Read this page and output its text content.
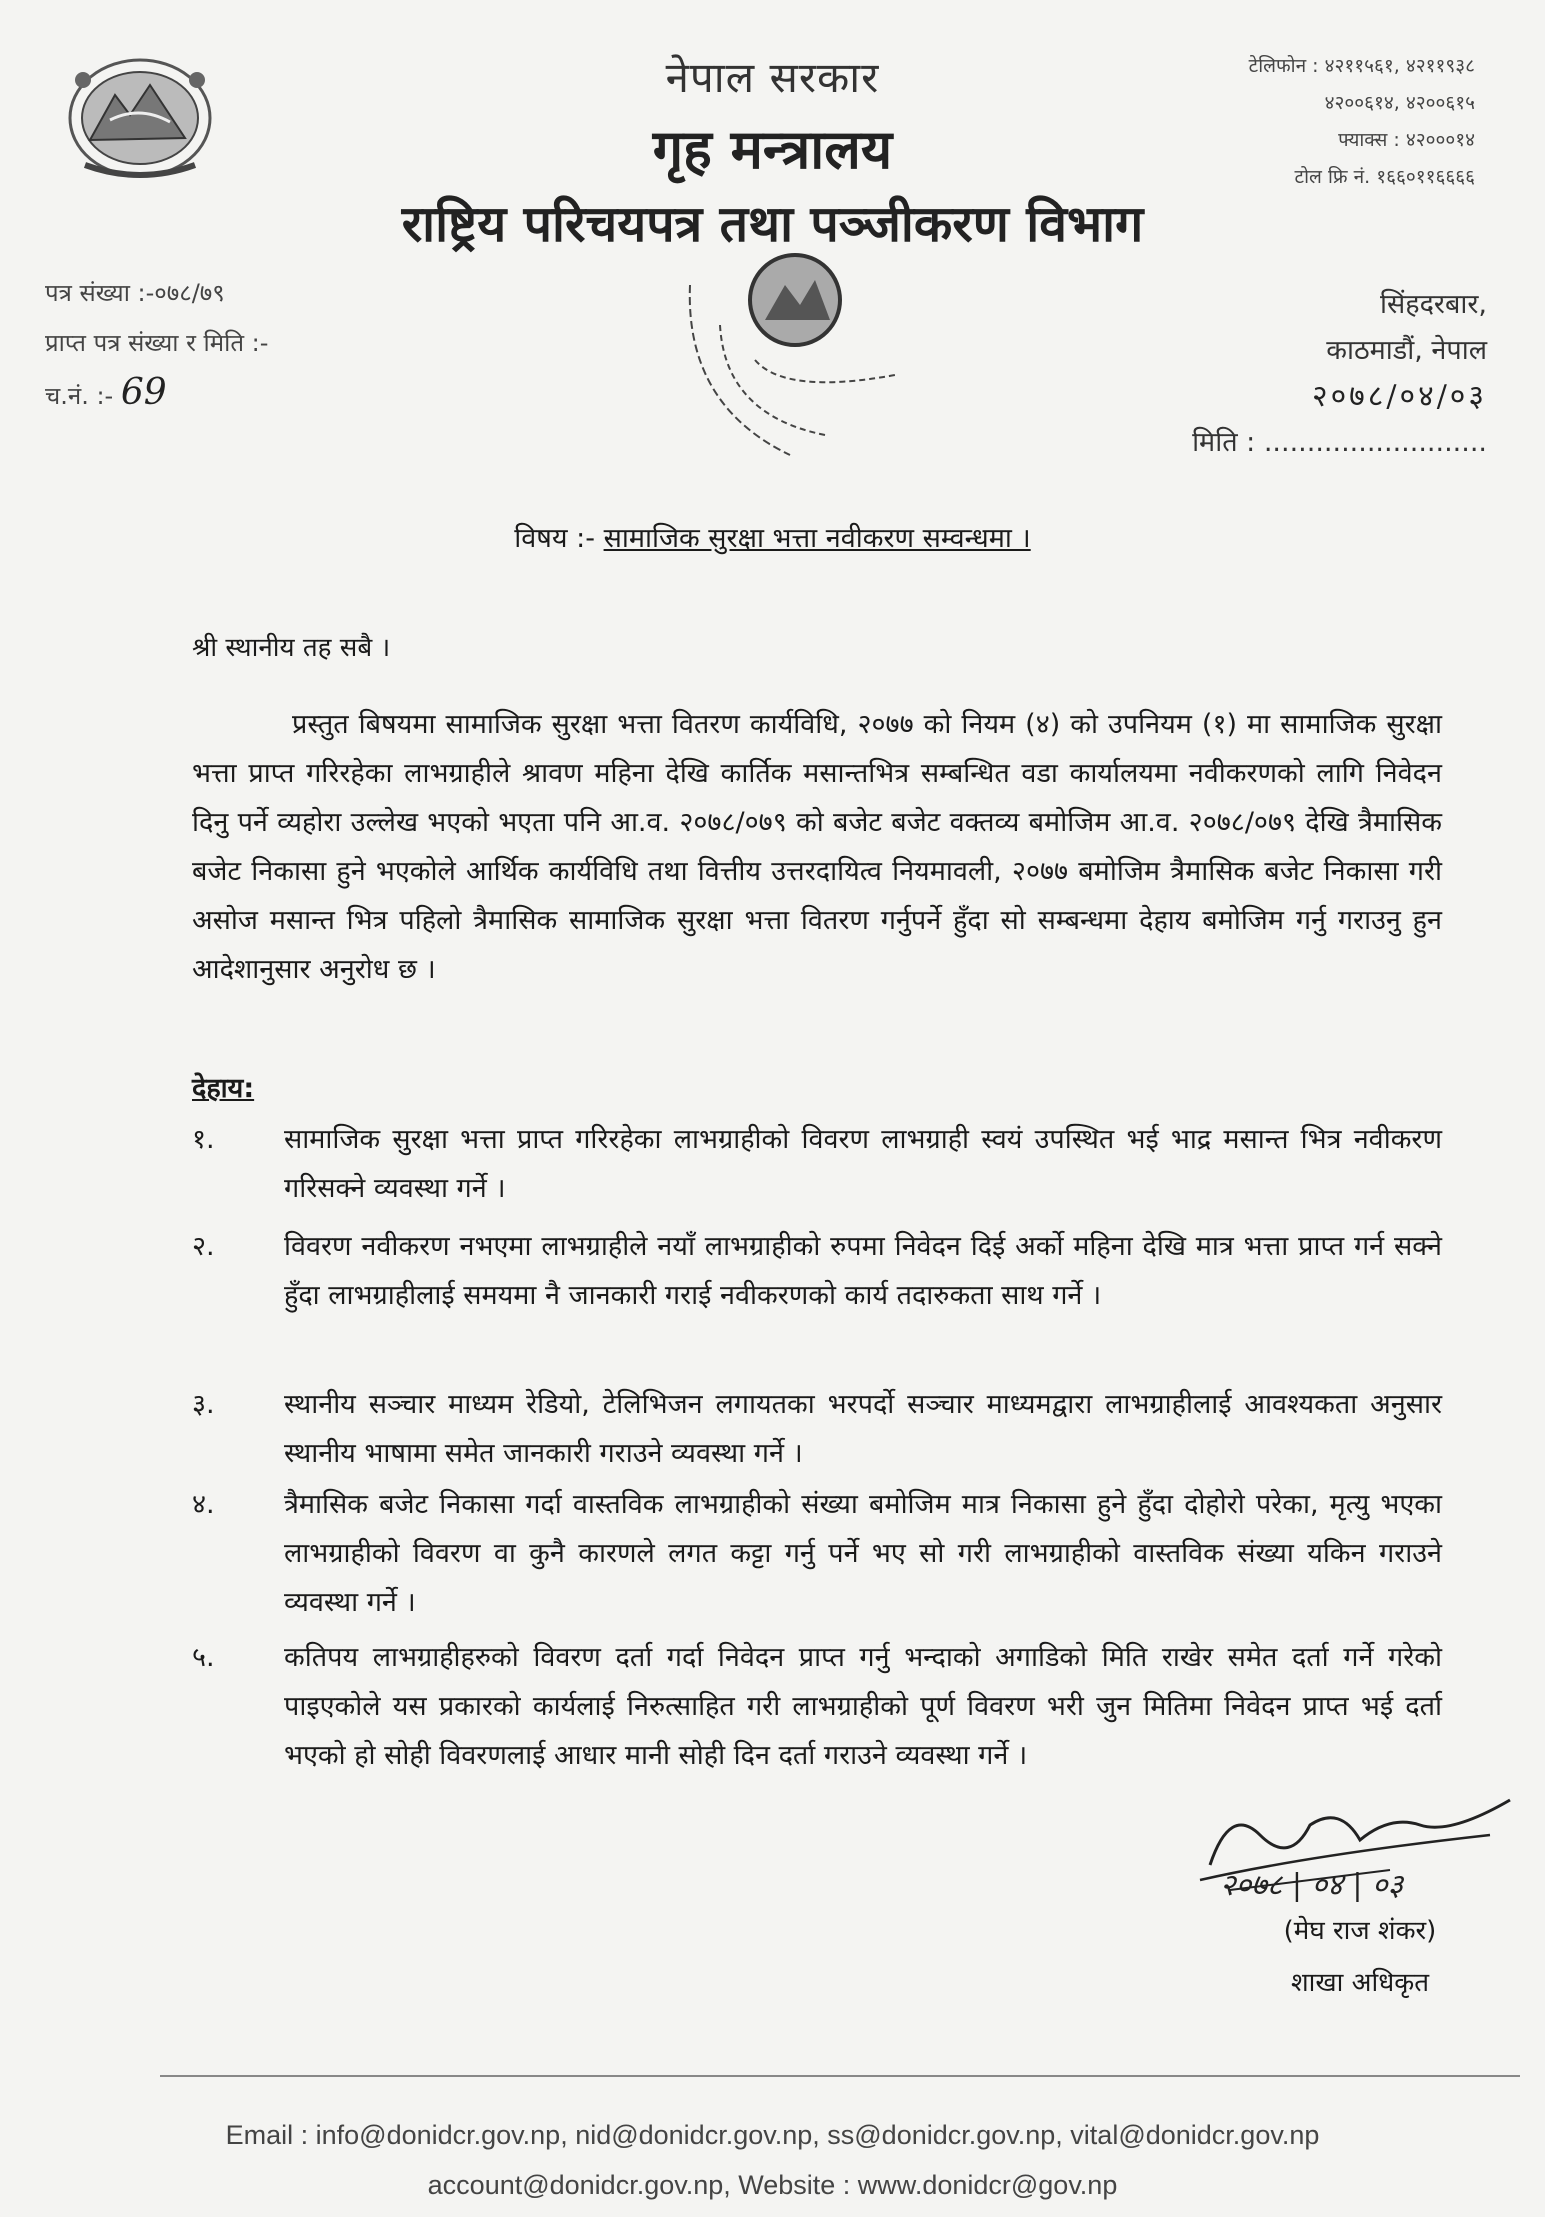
नेपाल सरकार
गृह मन्त्रालय
राष्ट्रिय परिचयपत्र तथा पञ्जीकरण विभाग
टेलिफोन : ४२११५६१, ४२११९३८
४२००६१४, ४२००६१५
फ्याक्स : ४२०००१४
टोल फ्रि नं. १६६०११६६६६
पत्र संख्या :-०७८/७९
प्राप्त पत्र संख्या र मिति :-
च.नं. :- 69
सिंहदरबार,
काठमाडौं, नेपाल
२०७८/०४/०३
मिति : ..........................
विषय :- सामाजिक सुरक्षा भत्ता नवीकरण सम्वन्धमा ।
श्री स्थानीय तह सबै ।
प्रस्तुत बिषयमा सामाजिक सुरक्षा भत्ता वितरण कार्यविधि, २०७७ को नियम (४) को उपनियम (१) मा सामाजिक सुरक्षा भत्ता प्राप्त गरिरहेका लाभग्राहीले श्रावण महिना देखि कार्तिक मसान्तभित्र सम्बन्धित वडा कार्यालयमा नवीकरणको लागि निवेदन दिनु पर्ने व्यहोरा उल्लेख भएको भएता पनि आ.व. २०७८/०७९ को बजेट बजेट वक्तव्य बमोजिम आ.व. २०७८/०७९ देखि त्रैमासिक बजेट निकासा हुने भएकोले आर्थिक कार्यविधि तथा वित्तीय उत्तरदायित्व नियमावली, २०७७ बमोजिम त्रैमासिक बजेट निकासा गरी असोज मसान्त भित्र पहिलो त्रैमासिक सामाजिक सुरक्षा भत्ता वितरण गर्नुपर्ने हुँदा सो सम्बन्धमा देहाय बमोजिम गर्नु गराउनु हुन आदेशानुसार अनुरोध छ ।
देहाय:
१.	सामाजिक सुरक्षा भत्ता प्राप्त गरिरहेका लाभग्राहीको विवरण लाभग्राही स्वयं उपस्थित भई भाद्र मसान्त भित्र नवीकरण गरिसक्ने व्यवस्था गर्ने ।
२.	विवरण नवीकरण नभएमा लाभग्राहीले नयाँ लाभग्राहीको रुपमा निवेदन दिई अर्को महिना देखि मात्र भत्ता प्राप्त गर्न सक्ने हुँदा लाभग्राहीलाई समयमा नै जानकारी गराई नवीकरणको कार्य तदारुकता साथ गर्ने ।
३.	स्थानीय सञ्चार माध्यम रेडियो, टेलिभिजन लगायतका भरपर्दो सञ्चार माध्यमद्वारा लाभग्राहीलाई आवश्यकता अनुसार स्थानीय भाषामा समेत जानकारी गराउने व्यवस्था गर्ने ।
४.	त्रैमासिक बजेट निकासा गर्दा वास्तविक लाभग्राहीको संख्या बमोजिम मात्र निकासा हुने हुँदा दोहोरो परेका, मृत्यु भएका लाभग्राहीको विवरण वा कुनै कारणले लगत कट्टा गर्नु पर्ने भए सो गरी लाभग्राहीको वास्तविक संख्या यकिन गराउने व्यवस्था गर्ने ।
५.	कतिपय लाभग्राहीहरुको विवरण दर्ता गर्दा निवेदन प्राप्त गर्नु भन्दाको अगाडिको मिति राखेर समेत दर्ता गर्ने गरेको पाइएकोले यस प्रकारको कार्यलाई निरुत्साहित गरी लाभग्राहीको पूर्ण विवरण भरी जुन मितिमा निवेदन प्राप्त भई दर्ता भएको हो सोही विवरणलाई आधार मानी सोही दिन दर्ता गराउने व्यवस्था गर्ने ।
२०७८ | ०४ | ०३
(मेघ राज शंकर)
शाखा अधिकृत
Email : info@donidcr.gov.np, nid@donidcr.gov.np, ss@donidcr.gov.np, vital@donidcr.gov.np
account@donidcr.gov.np, Website : www.donidcr@gov.np
